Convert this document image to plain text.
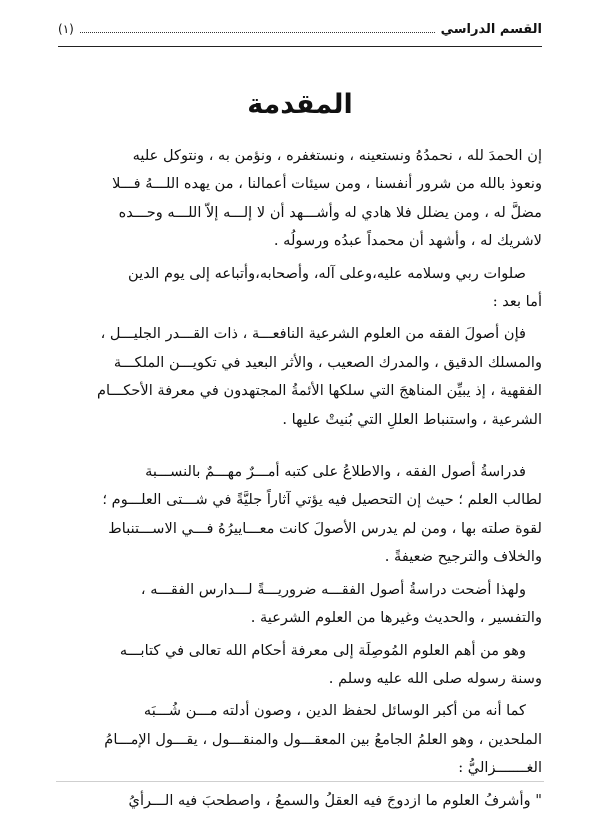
القسم الدراسي
(١)
المقدمة

إن الحمدَ لله ، نحمدُهُ ونستعينه ، ونستغفره ، ونؤمن به ، ونتوكل عليه
ونعوذ بالله من شرور أنفسنا ، ومن سيئات أعمالنا ، من يهده اللـــهُ فـــلا
مضلَّ له ، ومن يضلل فلا هادي له وأشـــهد أن لا إلـــه إلاّ اللـــه وحـــده
لاشريك له ، وأشهد أن محمداً عبدُه ورسولُه .

صلوات ربي وسلامه عليه،وعلى آله، وأصحابه،وأتباعه إلى يوم الدين

أما بعد :

فإن أصولَ الفقه من العلوم الشرعية النافعـــة ، ذات القـــدر الجليـــل ،
والمسلك الدقيق ، والمدرك الصعيب ، والأثر البعيد في تكويـــن الملكـــة
الفقهية ، إذ يبيِّن المناهجَ التي سلكها الأئمةُ المجتهدون في معرفة الأحكـــام
الشرعية ، واستنباط العللِ التي بُنيتْ عليها .

فدراسةُ أصول الفقه ، والاطلاعُ على كتبه أمـــرٌ مهـــمٌ بالنســـبة
لطالب العلم ؛ حيث إن التحصيل فيه يؤتي آثاراً جليَّةً في شـــتى العلـــوم ؛
لقوة صلته بها ، ومن لم يدرس الأصولَ كانت معـــاييرُهُ فـــي الاســـتنباط
والخلاف والترجيح ضعيفةً .

ولهذا أضحت دراسةُ أصول الفقـــه ضروريـــةً لـــدارس الفقـــه ،
والتفسير ، والحديث وغيرها من العلوم الشرعية .

وهو من أهم العلوم المُوصِلَة إلى معرفة أحكام الله تعالى في كتابـــه
وسنة رسوله صلى الله عليه وسلم .

كما أنه من أكبر الوسائل لحفظ الدين ، وصون أدلته مـــن شُـــبَه
الملحدين ، وهو العلمُ الجامعُ بين المعقـــول والمنقـــول ، يقـــول الإمـــامُ
الغـــــــزاليُّ :

" وأشرفُ العلوم ما ازدوجَ فيه العقلُ والسمعُ ، واصطحبَ فيه الـــرأيُ
